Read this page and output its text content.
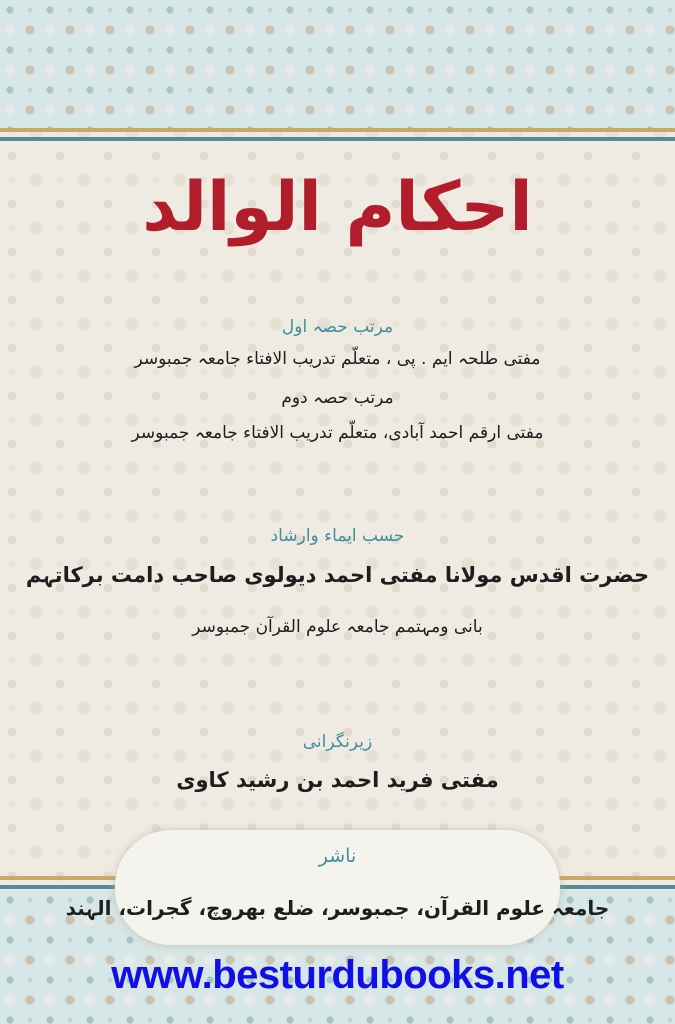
احکام الوالد
مرتب حصہ اول
مفتی طلحہ ایم . پی ، متعلّم تدریب الافتاء جامعہ جمبوسر
مرتب حصہ دوم
مفتی ارقم احمد آبادی، متعلّم تدریب الافتاء جامعہ جمبوسر
حسب ایماء وارشاد
حضرت اقدس مولانا مفتی احمد دیولوی صاحب دامت برکاتہم
بانی ومہتمم جامعہ علوم القرآن جمبوسر
زیرنگرانی
مفتی فرید احمد بن رشید کاوی
ناشر
جامعہ علوم القرآن، جمبوسر، ضلع بھروچ، گجرات، الہند
www.besturdubooks.net
